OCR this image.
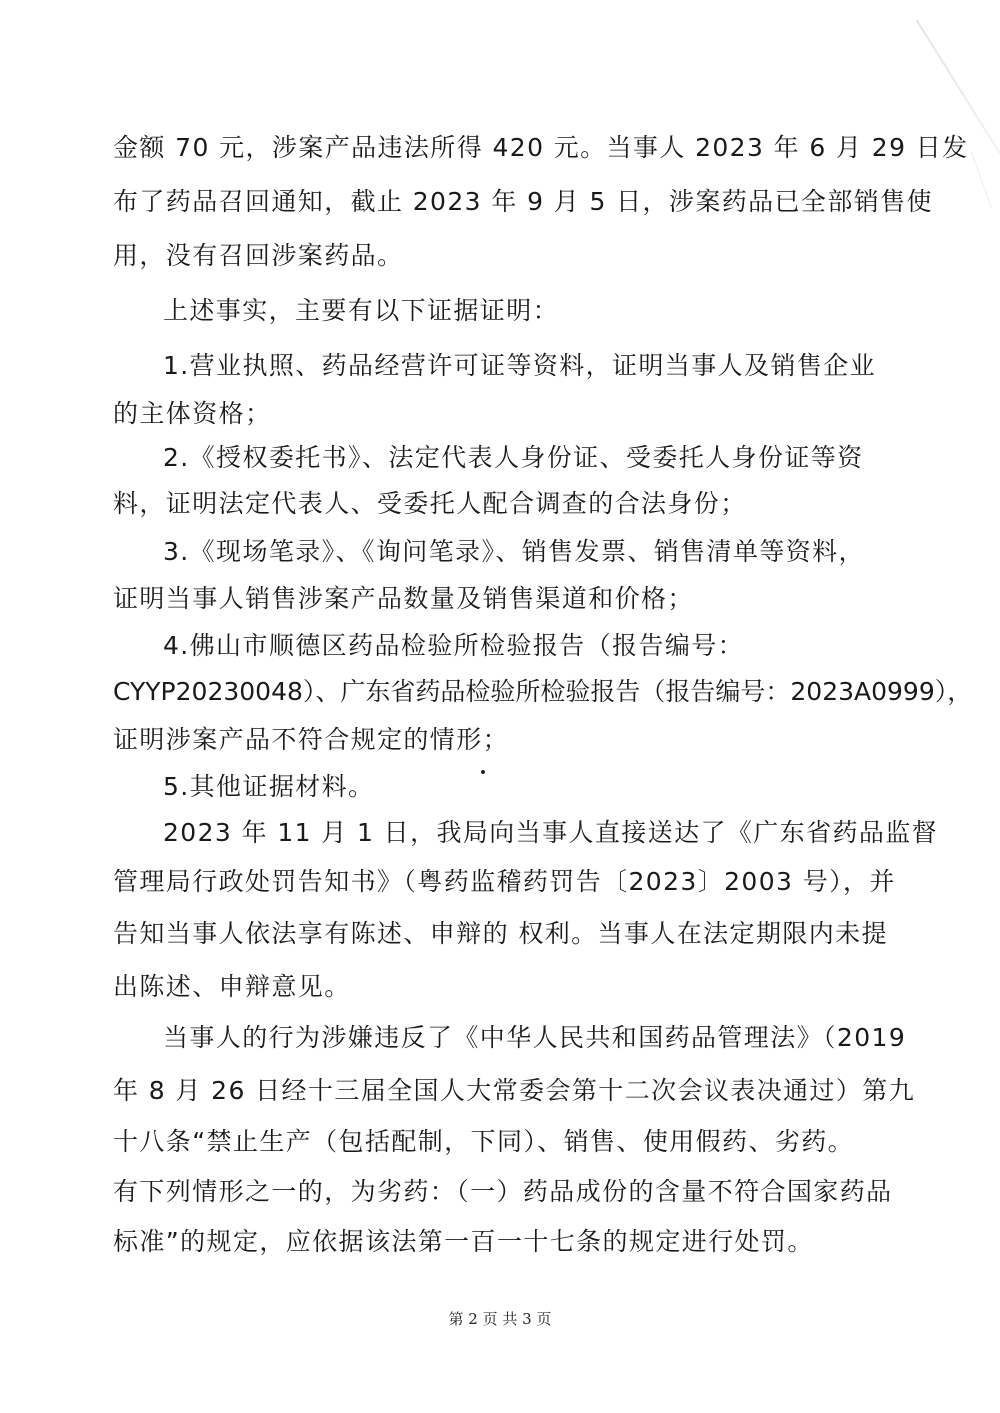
金额 70 元，涉案产品违法所得 420 元。当事人 2023 年 6 月 29 日发
布了药品召回通知，截止 2023 年 9 月 5 日，涉案药品已全部销售使
用，没有召回涉案药品。
上述事实，主要有以下证据证明：
1.营业执照、药品经营许可证等资料，证明当事人及销售企业
的主体资格；
2.《授权委托书》、法定代表人身份证、受委托人身份证等资
料，证明法定代表人、受委托人配合调查的合法身份；
3.《现场笔录》、《询问笔录》、销售发票、销售清单等资料，
证明当事人销售涉案产品数量及销售渠道和价格；
4.佛山市顺德区药品检验所检验报告（报告编号：
CYYP20230048）、广东省药品检验所检验报告（报告编号：2023A0999），
证明涉案产品不符合规定的情形；
5.其他证据材料。
2023 年 11 月 1 日，我局向当事人直接送达了《广东省药品监督
管理局行政处罚告知书》（粤药监稽药罚告〔2023〕2003 号），并
告知当事人依法享有陈述、申辩的 权利。当事人在法定期限内未提
出陈述、申辩意见。
当事人的行为涉嫌违反了《中华人民共和国药品管理法》（2019
年 8 月 26 日经十三届全国人大常委会第十二次会议表决通过）第九
十八条“禁止生产（包括配制，下同）、销售、使用假药、劣药。
有下列情形之一的，为劣药：（一）药品成份的含量不符合国家药品
标准”的规定，应依据该法第一百一十七条的规定进行处罚。
第 2 页 共 3 页
